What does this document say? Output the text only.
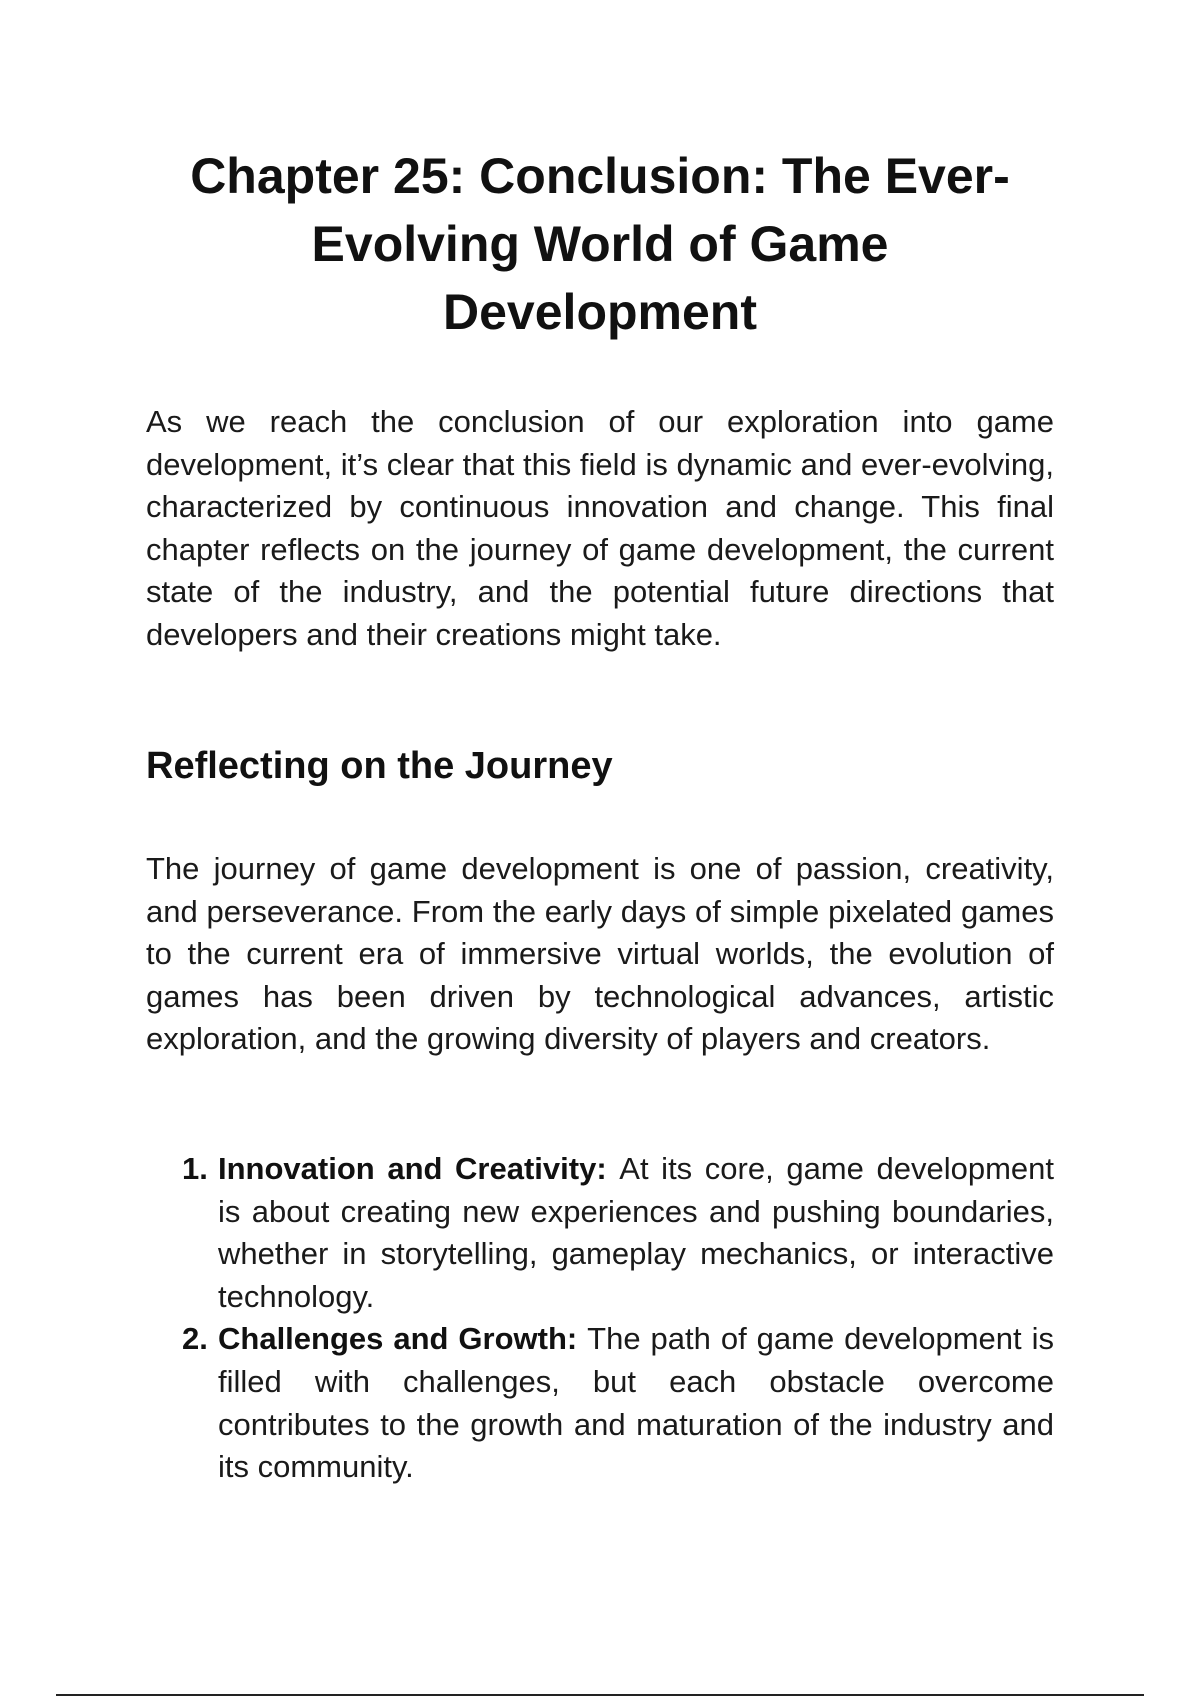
Chapter 25: Conclusion: The Ever-Evolving World of Game Development

As we reach the conclusion of our exploration into game development, it’s clear that this field is dynamic and ever-evolving, characterized by continuous innovation and change. This final chapter reflects on the journey of game development, the current state of the industry, and the potential future directions that developers and their creations might take.

Reflecting on the Journey

The journey of game development is one of passion, creativity, and perseverance. From the early days of simple pixelated games to the current era of immersive virtual worlds, the evolution of games has been driven by technological advances, artistic exploration, and the growing diversity of players and creators.

1. Innovation and Creativity: At its core, game development is about creating new experiences and pushing boundaries, whether in storytelling, gameplay mechanics, or interactive technology.
2. Challenges and Growth: The path of game development is filled with challenges, but each obstacle overcome contributes to the growth and maturation of the industry and its community.
